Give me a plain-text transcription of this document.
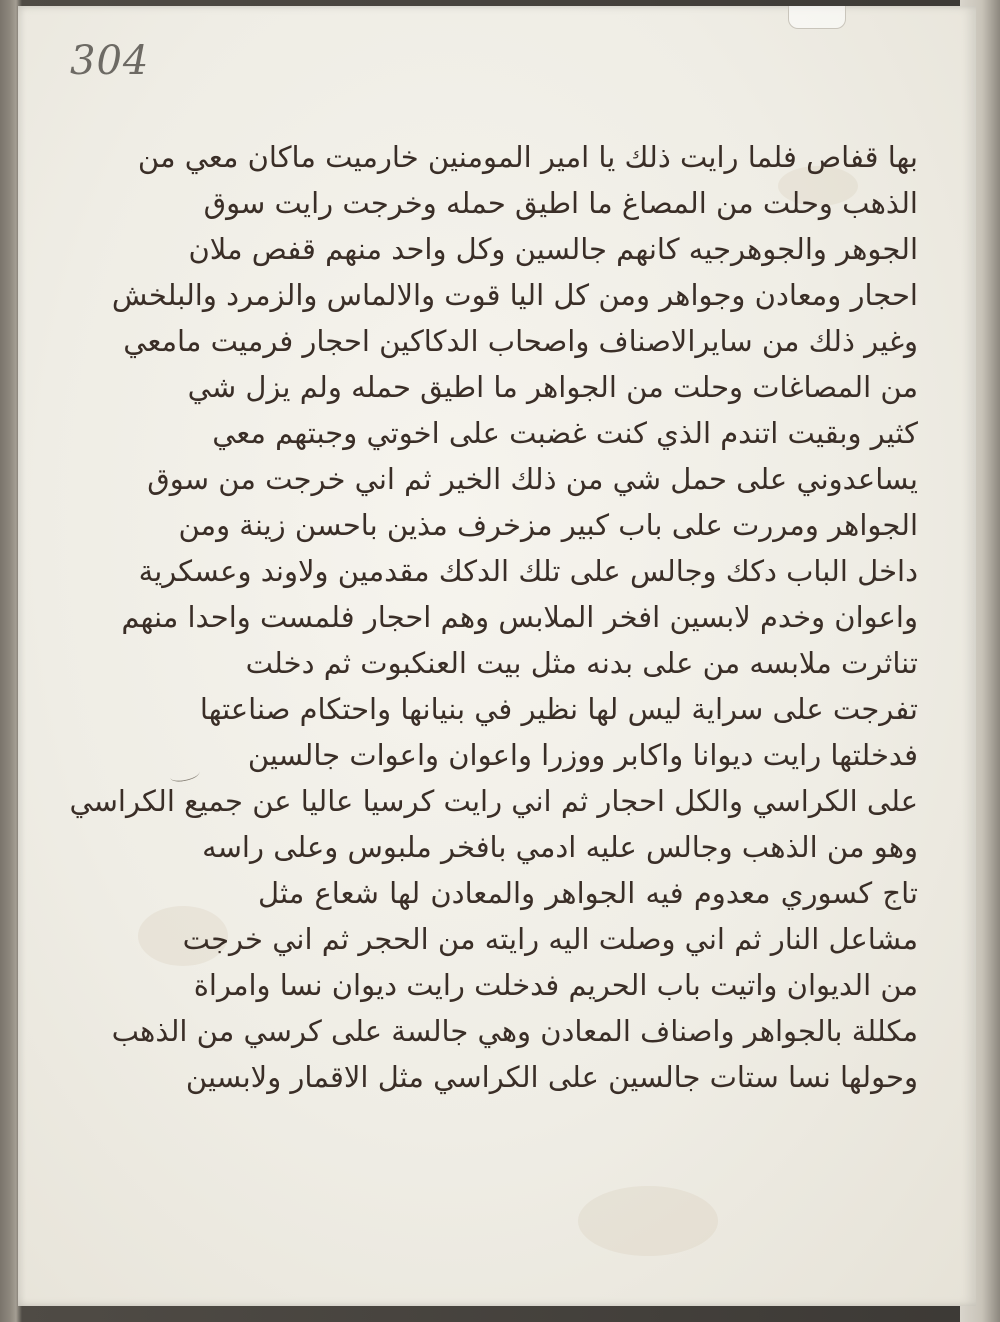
304
بها قفاص فلما رايت ذلك يا امير المومنين خارميت ماكان معي من
الذهب وحلت من المصاغ ما اطيق حمله وخرجت رايت سوق
الجوهر والجوهرجيه كانهم جالسين وكل واحد منهم قفص ملان
احجار ومعادن وجواهر ومن كل اليا قوت والالماس والزمرد والبلخش
وغير ذلك من سايرالاصناف واصحاب الدكاكين احجار فرميت مامعي
من المصاغات وحلت من الجواهر ما اطيق حمله ولم يزل شي
كثير وبقيت اتندم الذي كنت غضبت على اخوتي وجبتهم معي
يساعدوني على حمل شي من ذلك الخير ثم اني خرجت من سوق
الجواهر ومررت على باب كبير مزخرف مذين باحسن زينة ومن
داخل الباب دكك وجالس على تلك الدكك مقدمين ولاوند وعسكرية
واعوان وخدم لابسين افخر الملابس وهم احجار فلمست واحدا منهم
تناثرت ملابسه من على بدنه مثل بيت العنكبوت ثم دخلت
تفرجت على سراية ليس لها نظير في بنيانها واحتكام صناعتها
فدخلتها رايت ديوانا واكابر ووزرا واعوان واعوات جالسين
على الكراسي والكل احجار ثم اني رايت كرسيا عاليا عن جميع الكراسي
وهو من الذهب وجالس عليه ادمي بافخر ملبوس وعلى راسه
تاج كسوري معدوم فيه الجواهر والمعادن لها شعاع مثل
مشاعل النار ثم اني وصلت اليه رايته من الحجر ثم اني خرجت
من الديوان واتيت باب الحريم فدخلت رايت ديوان نسا وامراة
مكللة بالجواهر واصناف المعادن وهي جالسة على كرسي من الذهب
وحولها نسا ستات جالسين على الكراسي مثل الاقمار ولابسين
